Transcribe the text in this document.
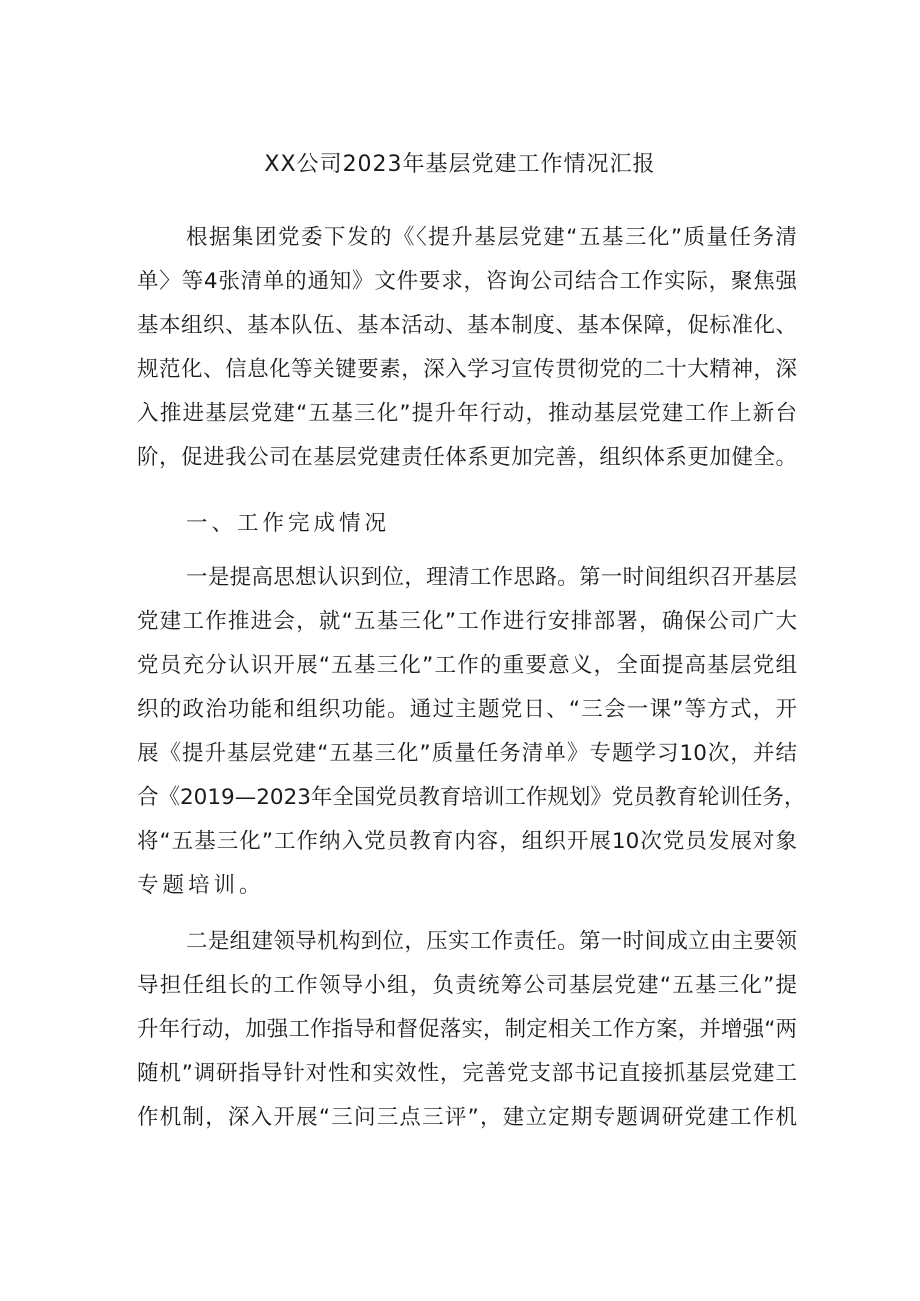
XX公司2023年基层党建工作情况汇报
根据集团党委下发的《〈提升基层党建“五基三化”质量任务清
单〉等4张清单的通知》文件要求，咨询公司结合工作实际，聚焦强
基本组织、基本队伍、基本活动、基本制度、基本保障，促标准化、
规范化、信息化等关键要素，深入学习宣传贯彻党的二十大精神，深
入推进基层党建“五基三化”提升年行动，推动基层党建工作上新台
阶，促进我公司在基层党建责任体系更加完善，组织体系更加健全。
一、工作完成情况
一是提高思想认识到位，理清工作思路。第一时间组织召开基层
党建工作推进会，就“五基三化”工作进行安排部署，确保公司广大
党员充分认识开展“五基三化”工作的重要意义，全面提高基层党组
织的政治功能和组织功能。通过主题党日、“三会一课”等方式，开
展《提升基层党建“五基三化”质量任务清单》专题学习10次，并结
合《2019—2023年全国党员教育培训工作规划》党员教育轮训任务，
将“五基三化”工作纳入党员教育内容，组织开展10次党员发展对象
专题培训。
二是组建领导机构到位，压实工作责任。第一时间成立由主要领
导担任组长的工作领导小组，负责统筹公司基层党建“五基三化”提
升年行动，加强工作指导和督促落实，制定相关工作方案，并增强“两
随机”调研指导针对性和实效性，完善党支部书记直接抓基层党建工
作机制，深入开展“三问三点三评”，建立定期专题调研党建工作机
